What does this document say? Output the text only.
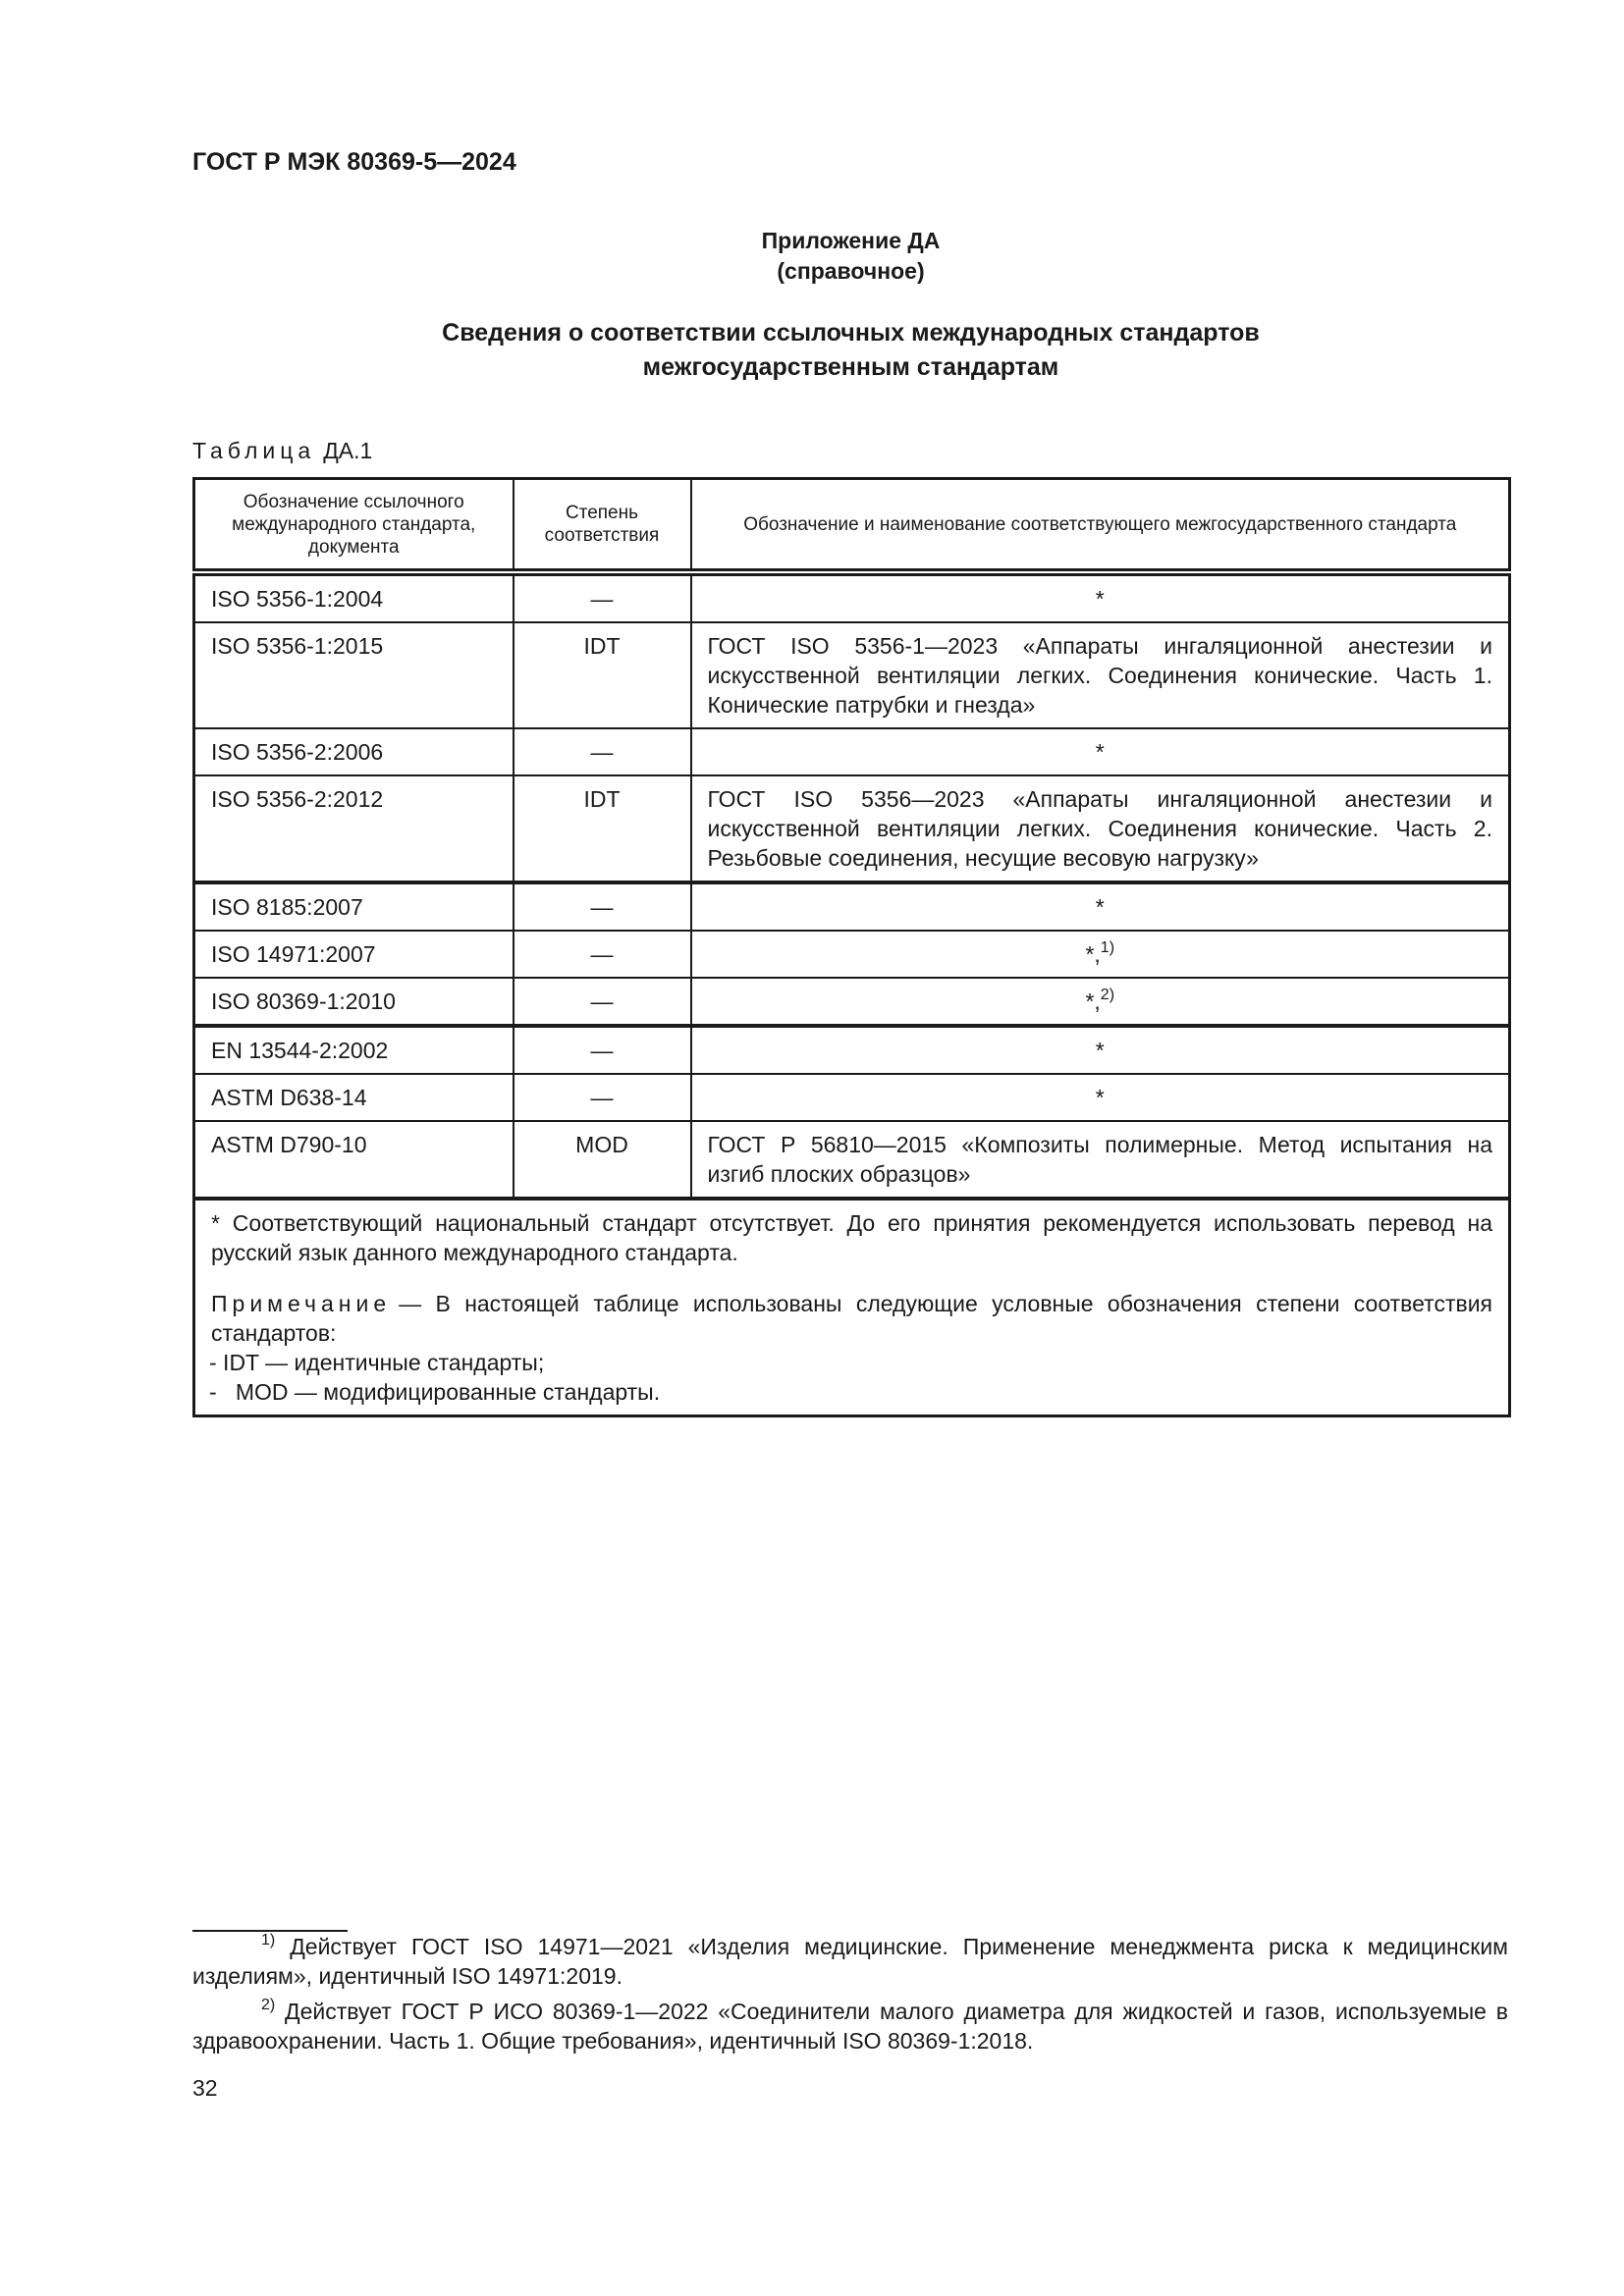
ГОСТ Р МЭК 80369-5—2024
Приложение ДА
(справочное)
Сведения о соответствии ссылочных международных стандартов
межгосударственным стандартам
Таблица ДА.1
Обозначение ссылочного международного стандарта, документа	Степень соответствия	Обозначение и наименование соответствующего межгосударственного стандарта
ISO 5356-1:2004	—	*
ISO 5356-1:2015	IDT	ГОСТ ISO 5356-1—2023 «Аппараты ингаляционной анестезии и искусственной вентиляции легких. Соединения конические. Часть 1. Конические патрубки и гнезда»
ISO 5356-2:2006	—	*
ISO 5356-2:2012	IDT	ГОСТ ISO 5356—2023 «Аппараты ингаляционной анестезии и искусственной вентиляции легких. Соединения конические. Часть 2. Резьбовые соединения, несущие весовую нагрузку»
ISO 8185:2007	—	*
ISO 14971:2007	—	*,$^{1)}$
ISO 80369-1:2010	—	*,$^{2)}$
EN 13544-2:2002	—	*
ASTM D638-14	—	*
ASTM D790-10	MOD	ГОСТ Р 56810—2015 «Композиты полимерные. Метод испытания на изгиб плоских образцов»

* Соответствующий национальный стандарт отсутствует. До его принятия рекомендуется использовать перевод на русский язык данного международного стандарта.

Примечание — В настоящей таблице использованы следующие условные обозначения степени соответствия стандартов:

- IDT — идентичные стандарты;
-   MOD — модифицированные стандарты.		

$^{1)}$ Действует ГОСТ ISO 14971—2021 «Изделия медицинские. Применение менеджмента риска к медицинским изделиям», идентичный ISO 14971:2019.

$^{2)}$ Действует ГОСТ Р ИСО 80369-1—2022 «Соединители малого диаметра для жидкостей и газов, используемые в здравоохранении. Часть 1. Общие требования», идентичный ISO 80369-1:2018.

32
